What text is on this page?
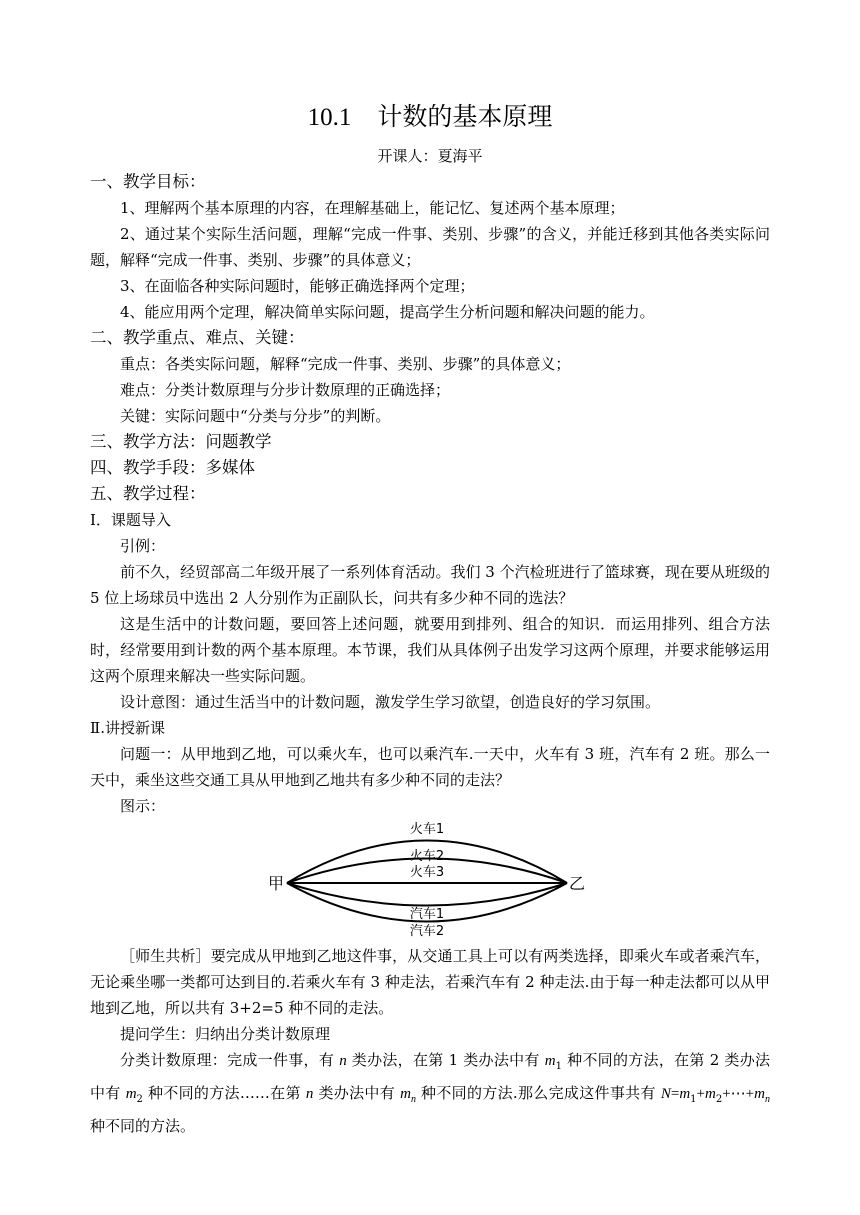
10.1 计数的基本原理
开课人：夏海平
一、教学目标：
1、理解两个基本原理的内容，在理解基础上，能记忆、复述两个基本原理；
2、通过某个实际生活问题，理解“完成一件事、类别、步骤”的含义，并能迁移到其他各类实际问题，解释“完成一件事、类别、步骤”的具体意义；
3、在面临各种实际问题时，能够正确选择两个定理；
4、能应用两个定理，解决简单实际问题，提高学生分析问题和解决问题的能力。
二、教学重点、难点、关键：
重点：各类实际问题，解释“完成一件事、类别、步骤”的具体意义；
难点：分类计数原理与分步计数原理的正确选择；
关键：实际问题中“分类与分步”的判断。
三、教学方法：问题教学
四、教学手段：多媒体
五、教学过程：
Ⅰ．课题导入
引例：
前不久，经贸部高二年级开展了一系列体育活动。我们 3 个汽检班进行了篮球赛，现在要从班级的 5 位上场球员中选出 2 人分别作为正副队长，问共有多少种不同的选法？
这是生活中的计数问题，要回答上述问题，就要用到排列、组合的知识．而运用排列、组合方法时，经常要用到计数的两个基本原理。本节课，我们从具体例子出发学习这两个原理，并要求能够运用这两个原理来解决一些实际问题。
设计意图：通过生活当中的计数问题，激发学生学习欲望，创造良好的学习氛围。
Ⅱ.讲授新课
问题一：从甲地到乙地，可以乘火车，也可以乘汽车.一天中，火车有 3 班，汽车有 2 班。那么一天中，乘坐这些交通工具从甲地到乙地共有多少种不同的走法？
图示：
火车1
火车2
火车3
汽车1
汽车2
甲	乙
［师生共析］要完成从甲地到乙地这件事，从交通工具上可以有两类选择，即乘火车或者乘汽车，无论乘坐哪一类都可达到目的.若乘火车有 3 种走法，若乘汽车有 2 种走法.由于每一种走法都可以从甲地到乙地，所以共有 3+2=5 种不同的走法。
提问学生：归纳出分类计数原理
分类计数原理：完成一件事，有 n 类办法，在第 1 类办法中有 $m_1$ 种不同的方法，在第 2 类办法中有 $m_2$ 种不同的方法……在第 n 类办法中有 $m_n$ 种不同的方法.那么完成这件事共有 $N=m_1+m_2+\cdots+m_n$ 种不同的方法。
